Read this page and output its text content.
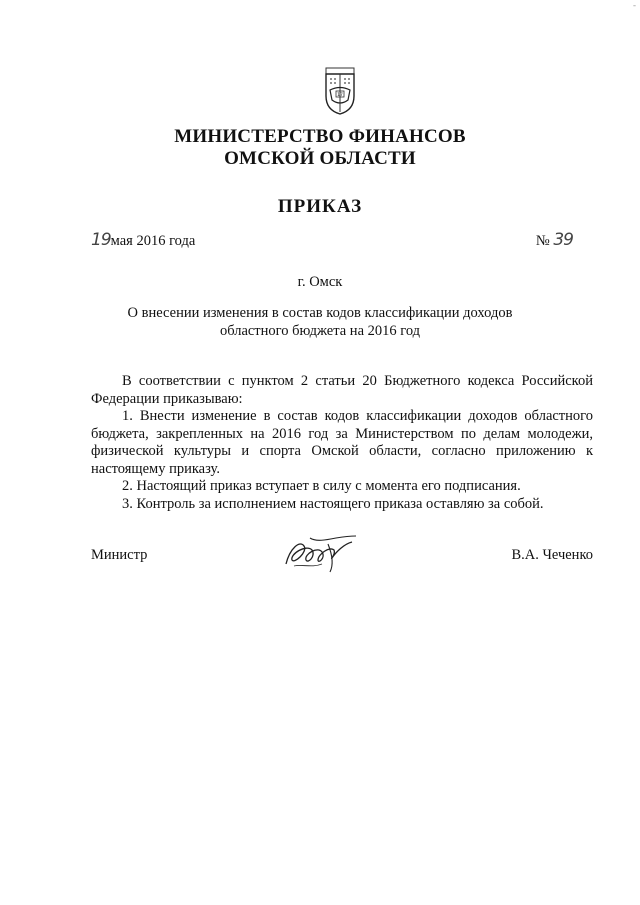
-
17
МИНИСТЕРСТВО ФИНАНСОВ
ОМСКОЙ ОБЛАСТИ
ПРИКАЗ
19мая 2016 года	№ 39
г. Омск
О внесении изменения в состав кодов классификации доходов
областного бюджета на 2016 год

В соответствии с пунктом 2 статьи 20 Бюджетного кодекса Российской Федерации приказываю:

1. Внести изменение в состав кодов классификации доходов областного бюджета, закрепленных на 2016 год за Министерством по делам молодежи, физической культуры и спорта Омской области, согласно приложению к настоящему приказу.

2. Настоящий приказ вступает в силу с момента его подписания.

3. Контроль за исполнением настоящего приказа оставляю за собой.

Министр	В.А. Чеченко
